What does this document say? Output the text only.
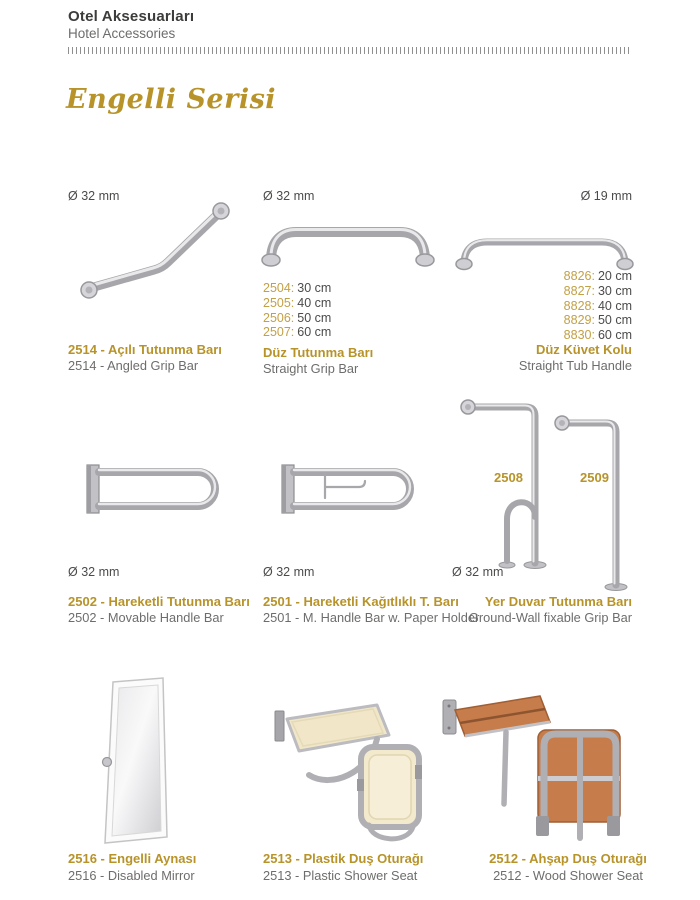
Otel Aksesuarları
Hotel Accessories
Engelli Serisi
Ø 32 mm	Ø 32 mm	Ø 19 mm
2504: 30 cm
2505: 40 cm
2506: 50 cm
2507: 60 cm
8826: 20 cm
8827: 30 cm
8828: 40 cm
8829: 50 cm
8830: 60 cm
2514 - Açılı Tutunma Barı
2514 - Angled Grip Bar
Düz Tutunma Barı
Straight Grip Bar
Düz Küvet Kolu
Straight Tub Handle
2508	2509
Ø 32 mm	Ø 32 mm	Ø 32 mm
2502 - Hareketli Tutunma Barı
2502 - Movable Handle Bar
2501 - Hareketli Kağıtlıklı T. Barı
2501 - M. Handle Bar w. Paper Holder
Yer Duvar Tutunma Barı
Ground-Wall fixable Grip Bar
2516 - Engelli Aynası
2516 - Disabled Mirror
2513 - Plastik Duş Oturağı
2513 - Plastic Shower Seat
2512 - Ahşap Duş Oturağı
2512 - Wood Shower Seat
